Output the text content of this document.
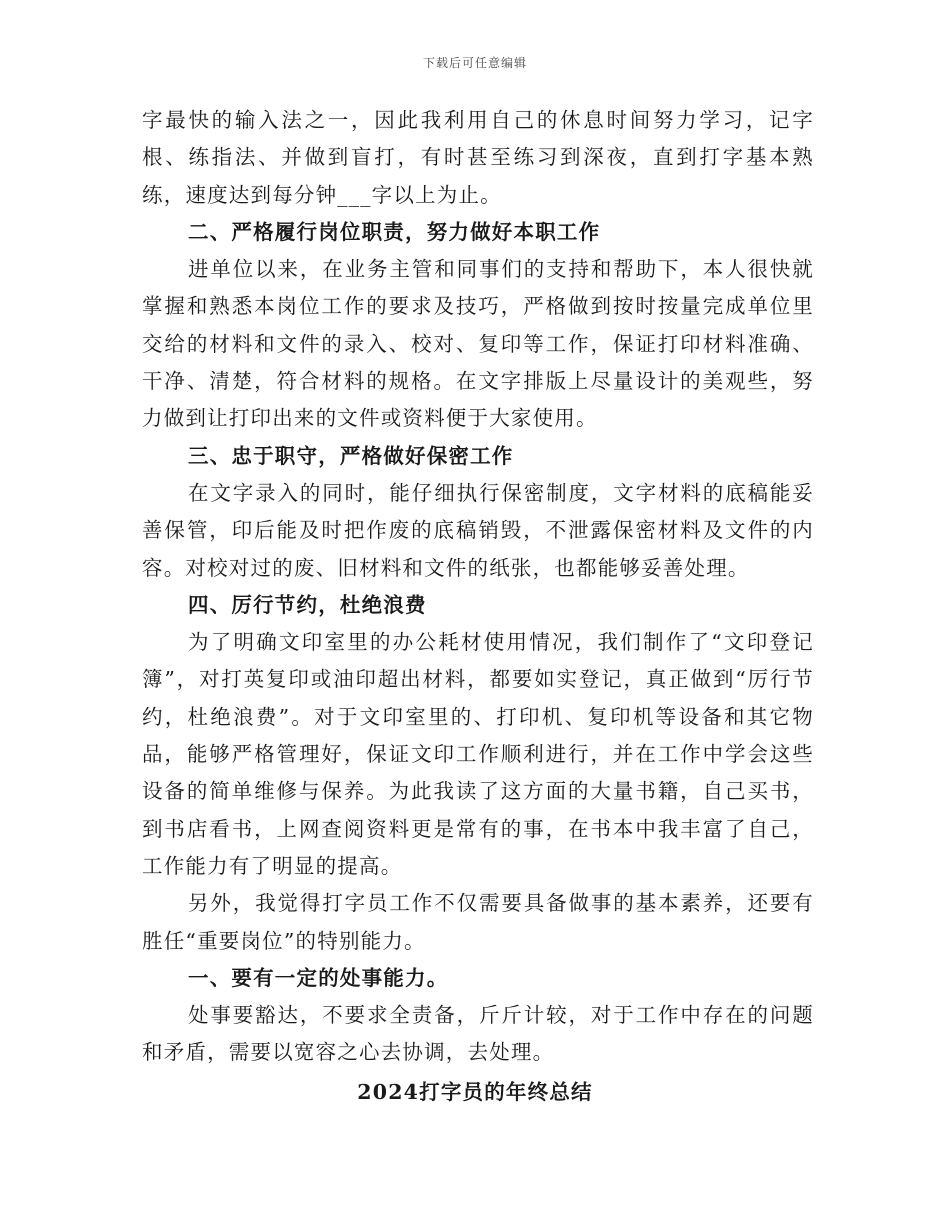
下载后可任意编辑

字最快的输入法之一，因此我利用自己的休息时间努力学习，记字根、练指法、并做到盲打，有时甚至练习到深夜，直到打字基本熟练，速度达到每分钟___字以上为止。

二、严格履行岗位职责，努力做好本职工作

进单位以来，在业务主管和同事们的支持和帮助下，本人很快就掌握和熟悉本岗位工作的要求及技巧，严格做到按时按量完成单位里交给的材料和文件的录入、校对、复印等工作，保证打印材料准确、干净、清楚，符合材料的规格。在文字排版上尽量设计的美观些，努力做到让打印出来的文件或资料便于大家使用。

三、忠于职守，严格做好保密工作

在文字录入的同时，能仔细执行保密制度，文字材料的底稿能妥善保管，印后能及时把作废的底稿销毁，不泄露保密材料及文件的内容。对校对过的废、旧材料和文件的纸张，也都能够妥善处理。

四、厉行节约，杜绝浪费

为了明确文印室里的办公耗材使用情况，我们制作了“文印登记簿”，对打英复印或油印超出材料，都要如实登记，真正做到“厉行节约，杜绝浪费”。对于文印室里的、打印机、复印机等设备和其它物品，能够严格管理好，保证文印工作顺利进行，并在工作中学会这些设备的简单维修与保养。为此我读了这方面的大量书籍，自己买书，到书店看书，上网查阅资料更是常有的事，在书本中我丰富了自己，工作能力有了明显的提高。

另外，我觉得打字员工作不仅需要具备做事的基本素养，还要有胜任“重要岗位”的特别能力。

一、要有一定的处事能力。

处事要豁达，不要求全责备，斤斤计较，对于工作中存在的问题和矛盾，需要以宽容之心去协调，去处理。

2024打字员的年终总结
